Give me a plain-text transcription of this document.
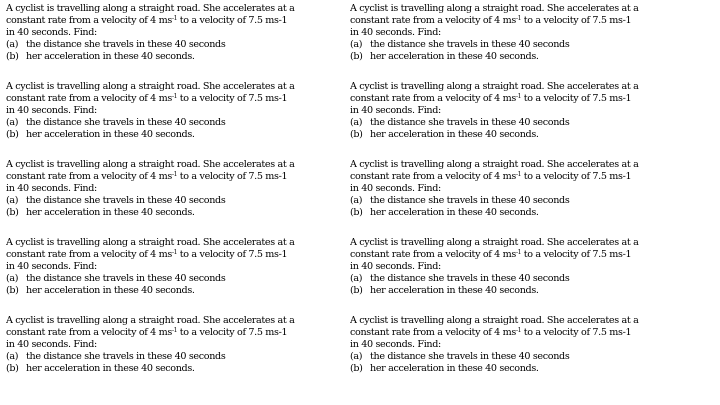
A cyclist is travelling along a straight road. She accelerates at a
constant rate from a velocity of 4 $ms^{-1}$ to a velocity of 7.5 ms-1
in 40 seconds. Find:
(a) the distance she travels in these 40 seconds
(b) her acceleration in these 40 seconds.
A cyclist is travelling along a straight road. She accelerates at a
constant rate from a velocity of 4 $ms^{-1}$ to a velocity of 7.5 ms-1
in 40 seconds. Find:
(a) the distance she travels in these 40 seconds
(b) her acceleration in these 40 seconds.
A cyclist is travelling along a straight road. She accelerates at a
constant rate from a velocity of 4 $ms^{-1}$ to a velocity of 7.5 ms-1
in 40 seconds. Find:
(a) the distance she travels in these 40 seconds
(b) her acceleration in these 40 seconds.
A cyclist is travelling along a straight road. She accelerates at a
constant rate from a velocity of 4 $ms^{-1}$ to a velocity of 7.5 ms-1
in 40 seconds. Find:
(a) the distance she travels in these 40 seconds
(b) her acceleration in these 40 seconds.
A cyclist is travelling along a straight road. She accelerates at a
constant rate from a velocity of 4 $ms^{-1}$ to a velocity of 7.5 ms-1
in 40 seconds. Find:
(a) the distance she travels in these 40 seconds
(b) her acceleration in these 40 seconds.
A cyclist is travelling along a straight road. She accelerates at a
constant rate from a velocity of 4 $ms^{-1}$ to a velocity of 7.5 ms-1
in 40 seconds. Find:
(a) the distance she travels in these 40 seconds
(b) her acceleration in these 40 seconds.
A cyclist is travelling along a straight road. She accelerates at a
constant rate from a velocity of 4 $ms^{-1}$ to a velocity of 7.5 ms-1
in 40 seconds. Find:
(a) the distance she travels in these 40 seconds
(b) her acceleration in these 40 seconds.
A cyclist is travelling along a straight road. She accelerates at a
constant rate from a velocity of 4 $ms^{-1}$ to a velocity of 7.5 ms-1
in 40 seconds. Find:
(a) the distance she travels in these 40 seconds
(b) her acceleration in these 40 seconds.
A cyclist is travelling along a straight road. She accelerates at a
constant rate from a velocity of 4 $ms^{-1}$ to a velocity of 7.5 ms-1
in 40 seconds. Find:
(a) the distance she travels in these 40 seconds
(b) her acceleration in these 40 seconds.
A cyclist is travelling along a straight road. She accelerates at a
constant rate from a velocity of 4 $ms^{-1}$ to a velocity of 7.5 ms-1
in 40 seconds. Find:
(a) the distance she travels in these 40 seconds
(b) her acceleration in these 40 seconds.
